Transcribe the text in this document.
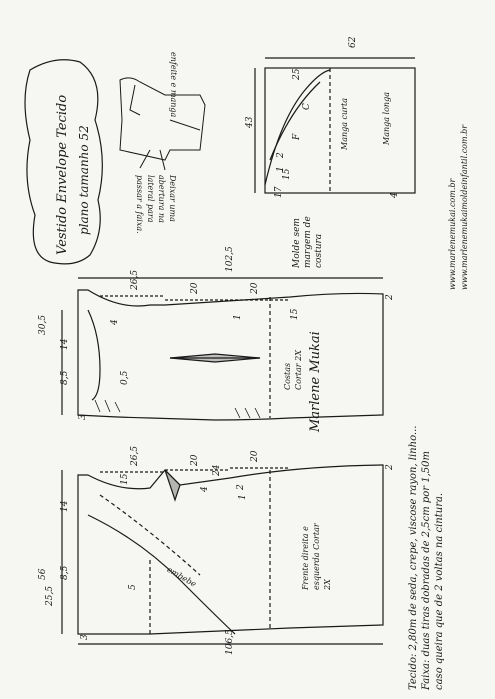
Vestido Envelope Tecido plano tamanho 52
enfeite e manga
Deixar uma abertura na lateral para passar a faixa.
Manga longa
Manga curta
Molde sem margem de costura
Costas Cortar 2X
Frente direita e esquerda Cortar 2X
embebe
www.marlenemukai.com.br www.marlenemukaimoldeinfantil.com.br
Tecido: 2,80m de seda, crepe, viscose rayon, linho... Faixa: duas tiras dobradas de 2,5cm por 1,50m caso queira que de 2 voltas na cintura.
Marlene Mukai
102,5
26,5	20	20
30,5
14
8,5
4
1
3
0,5
2
15
106,5
56
26,5	20	20
24
2
14
8,5
25,5
15
5
4
3
1
2
43
62
25
17
15
4
C
F
2
1
